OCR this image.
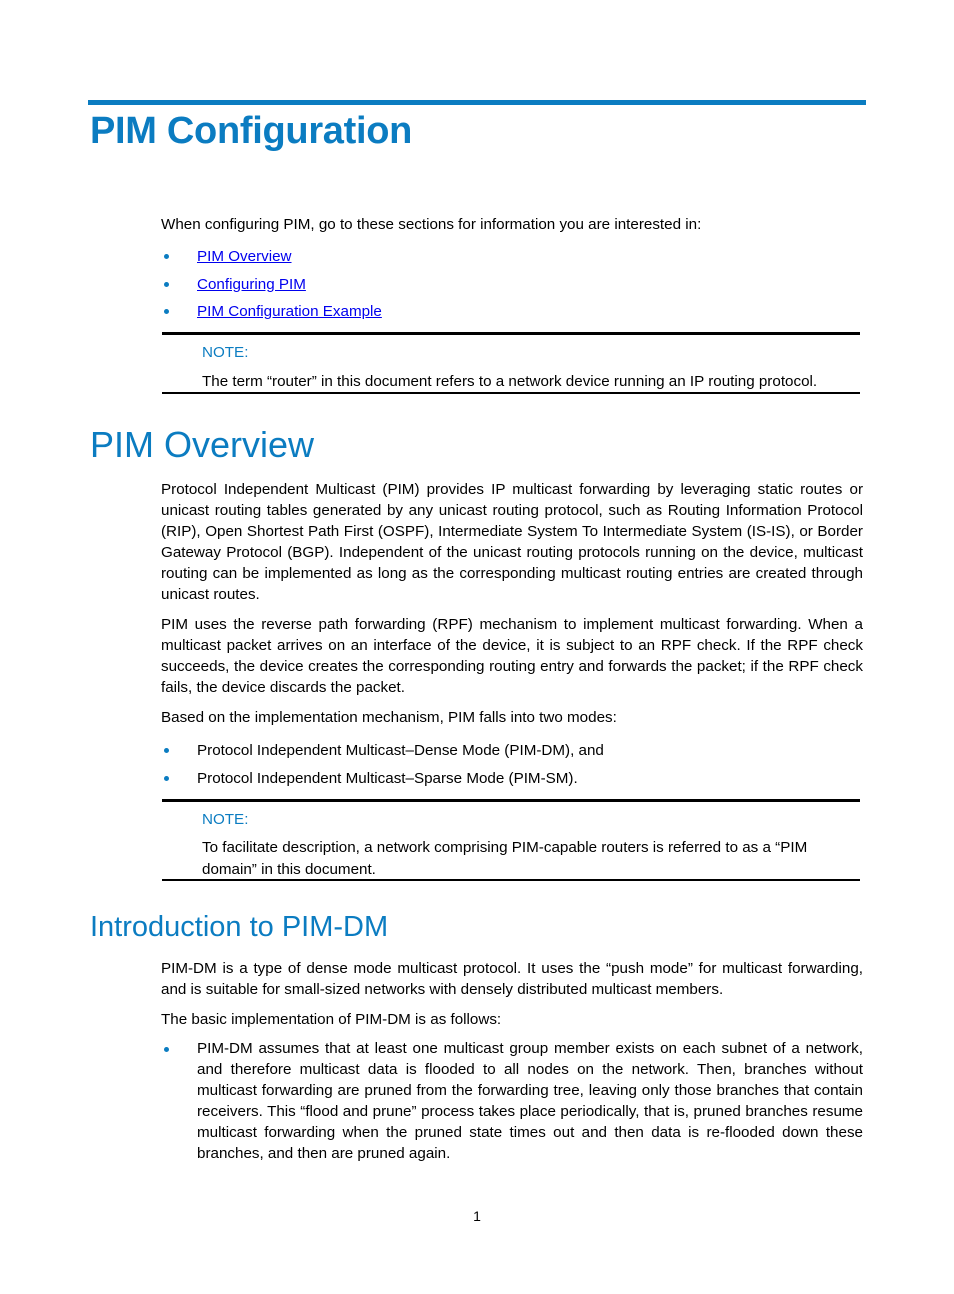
PIM Configuration

When configuring PIM, go to these sections for information you are interested in:

PIM Overview
Configuring PIM
PIM Configuration Example
NOTE:
The term “router” in this document refers to a network device running an IP routing protocol.
PIM Overview

Protocol Independent Multicast (PIM) provides IP multicast forwarding by leveraging static routes or unicast routing tables generated by any unicast routing protocol, such as Routing Information Protocol (RIP), Open Shortest Path First (OSPF), Intermediate System To Intermediate System (IS-IS), or Border Gateway Protocol (BGP). Independent of the unicast routing protocols running on the device, multicast routing can be implemented as long as the corresponding multicast routing entries are created through unicast routes.

PIM uses the reverse path forwarding (RPF) mechanism to implement multicast forwarding. When a multicast packet arrives on an interface of the device, it is subject to an RPF check. If the RPF check succeeds, the device creates the corresponding routing entry and forwards the packet; if the RPF check fails, the device discards the packet.

Based on the implementation mechanism, PIM falls into two modes:

Protocol Independent Multicast–Dense Mode (PIM-DM), and
Protocol Independent Multicast–Sparse Mode (PIM-SM).
NOTE:
To facilitate description, a network comprising PIM-capable routers is referred to as a “PIM domain” in this document.
Introduction to PIM-DM

PIM-DM is a type of dense mode multicast protocol. It uses the “push mode” for multicast forwarding, and is suitable for small-sized networks with densely distributed multicast members.

The basic implementation of PIM-DM is as follows:

PIM-DM assumes that at least one multicast group member exists on each subnet of a network, and therefore multicast data is flooded to all nodes on the network. Then, branches without multicast forwarding are pruned from the forwarding tree, leaving only those branches that contain receivers. This “flood and prune” process takes place periodically, that is, pruned branches resume multicast forwarding when the pruned state times out and then data is re-flooded down these branches, and then are pruned again.
1
